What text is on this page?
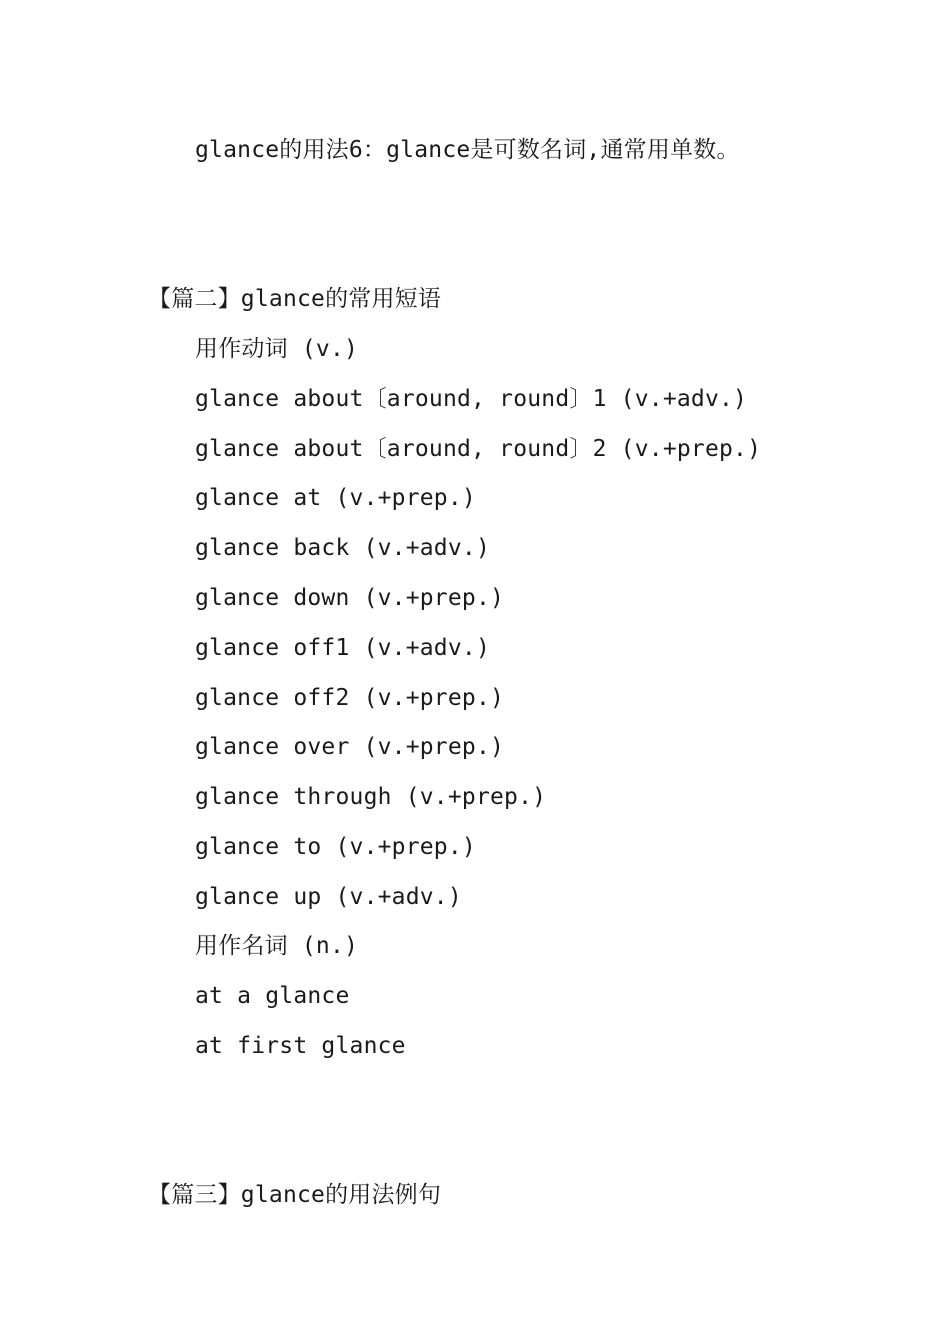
glance的用法6：glance是可数名词,通常用单数。
【篇二】glance的常用短语
用作动词 (v.)
glance about〔around, round〕1 (v.+adv.)
glance about〔around, round〕2 (v.+prep.)
glance at (v.+prep.)
glance back (v.+adv.)
glance down (v.+prep.)
glance off1 (v.+adv.)
glance off2 (v.+prep.)
glance over (v.+prep.)
glance through (v.+prep.)
glance to (v.+prep.)
glance up (v.+adv.)
用作名词 (n.)
at a glance
at first glance
【篇三】glance的用法例句
